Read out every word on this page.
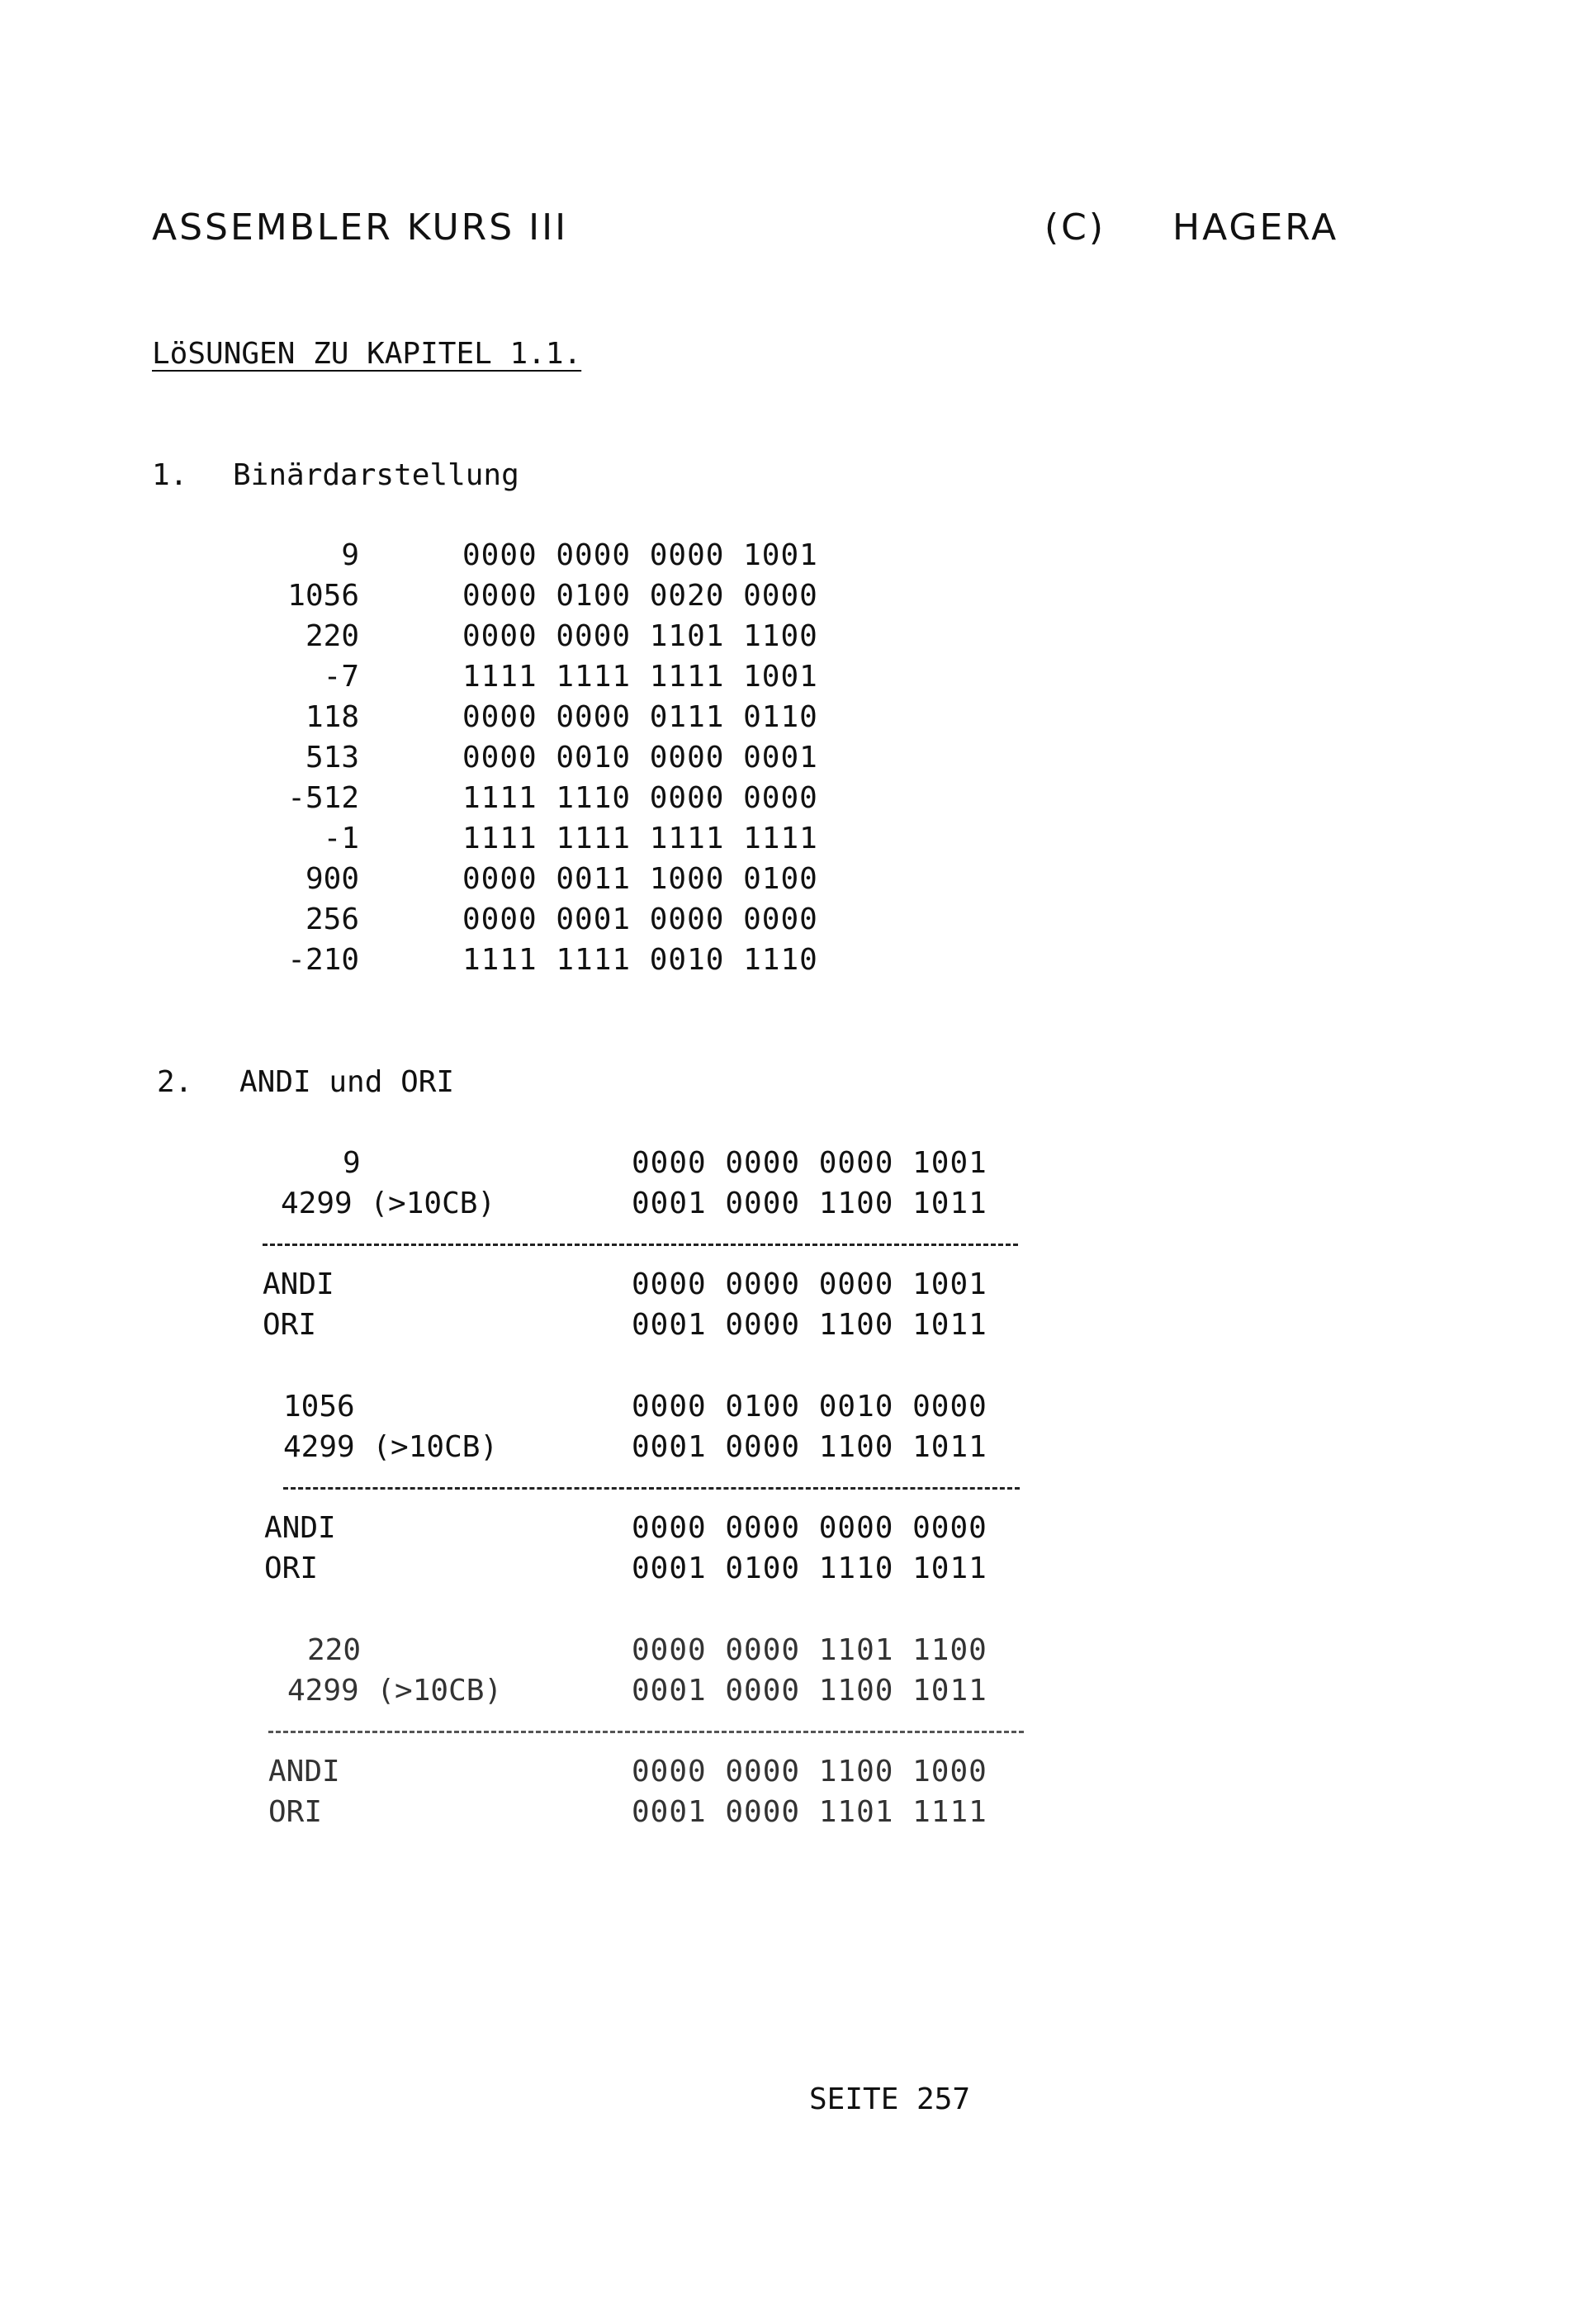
ASSEMBLER KURS III	(C) HAGERA
LöSUNGEN ZU KAPITEL 1.1.
1. Binärdarstellung
9	0000 0000 0000 1001
1056	0000 0100 0020 0000
220	0000 0000 1101 1100
-7	1111 1111 1111 1001
118	0000 0000 0111 0110
513	0000 0010 0000 0001
-512	1111 1110 0000 0000
-1	1111 1111 1111 1111
900	0000 0011 1000 0100
256	0000 0001 0000 0000
-210	1111 1111 0010 1110
2. ANDI und ORI
9	0000 0000 0000 1001
4299 (>10CB)	0001 0000 1100 1011
ANDI	0000 0000 0000 1001
ORI	0001 0000 1100 1011
1056	0000 0100 0010 0000
4299 (>10CB)	0001 0000 1100 1011
ANDI	0000 0000 0000 0000
ORI	0001 0100 1110 1011
220	0000 0000 1101 1100
4299 (>10CB)	0001 0000 1100 1011
ANDI	0000 0000 1100 1000
ORI	0001 0000 1101 1111
SEITE 257
